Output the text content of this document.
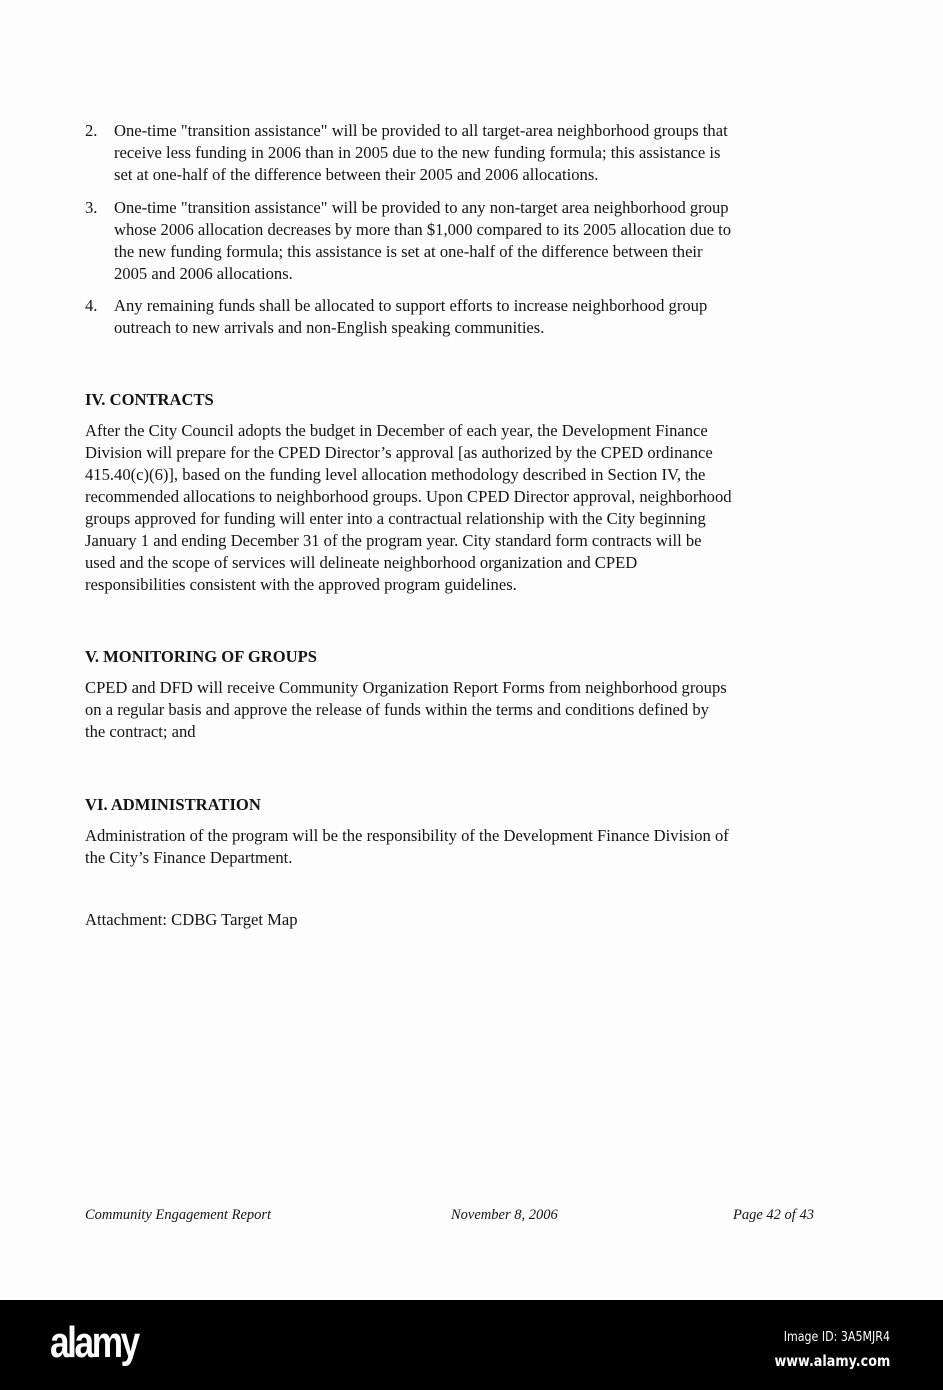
2. One-time "transition assistance" will be provided to all target-area neighborhood groups that
receive less funding in 2006 than in 2005 due to the new funding formula; this assistance is
set at one-half of the difference between their 2005 and 2006 allocations.
3. One-time "transition assistance" will be provided to any non-target area neighborhood group
whose 2006 allocation decreases by more than $1,000 compared to its 2005 allocation due to
the new funding formula; this assistance is set at one-half of the difference between their
2005 and 2006 allocations.
4. Any remaining funds shall be allocated to support efforts to increase neighborhood group
outreach to new arrivals and non-English speaking communities.
IV. CONTRACTS
After the City Council adopts the budget in December of each year, the Development Finance
Division will prepare for the CPED Director’s approval [as authorized by the CPED ordinance
415.40(c)(6)], based on the funding level allocation methodology described in Section IV, the
recommended allocations to neighborhood groups. Upon CPED Director approval, neighborhood
groups approved for funding will enter into a contractual relationship with the City beginning
January 1 and ending December 31 of the program year. City standard form contracts will be
used and the scope of services will delineate neighborhood organization and CPED
responsibilities consistent with the approved program guidelines.
V. MONITORING OF GROUPS
CPED and DFD will receive Community Organization Report Forms from neighborhood groups
on a regular basis and approve the release of funds within the terms and conditions defined by
the contract; and
VI. ADMINISTRATION
Administration of the program will be the responsibility of the Development Finance Division of
the City’s Finance Department.
Attachment: CDBG Target Map
Community Engagement Report	November 8, 2006	Page 42 of 43
alamy	Image ID: 3A5MJR4
www.alamy.com
